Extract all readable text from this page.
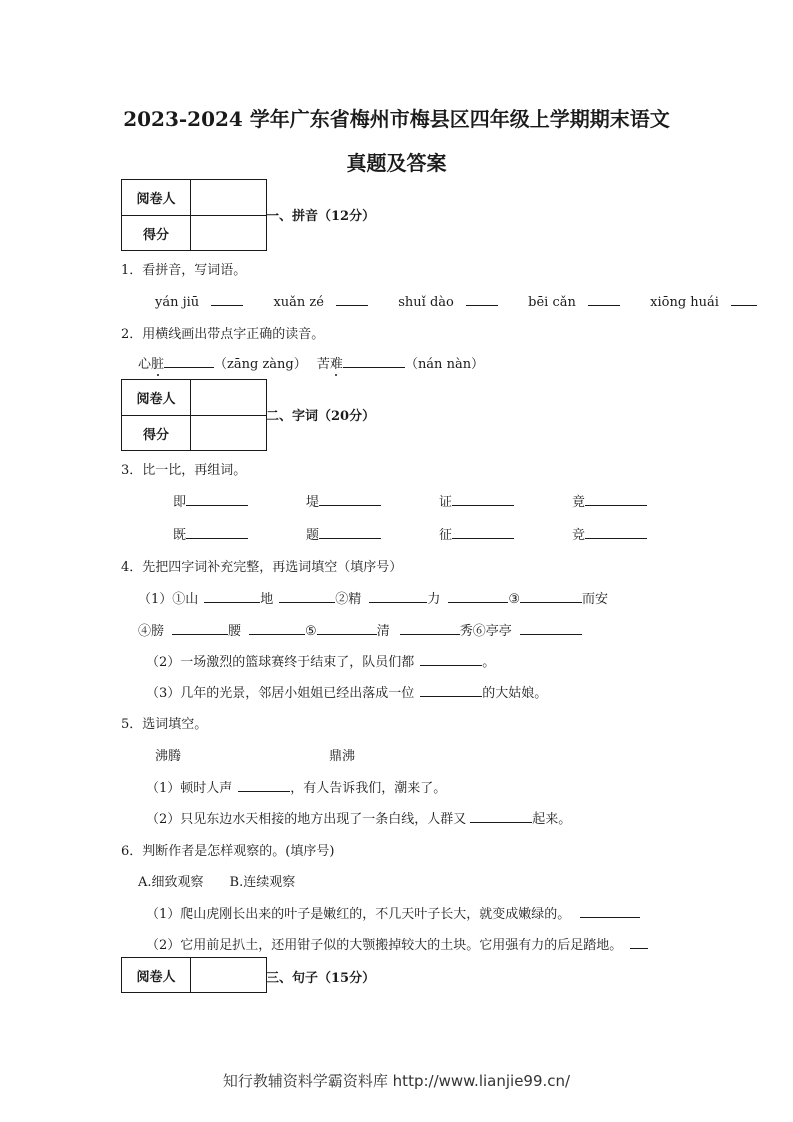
2023-2024 学年广东省梅州市梅县区四年级上学期期末语文
真题及答案
阅卷人	
得分	
一、拼音（12分）
1．看拼音，写词语。
yán jiū	xuǎn zé	shuǐ dào	bēi cǎn	xiōng huái
2．用横线画出带点字正确的读音。
心脏	（zāng zàng） 苦难	（nán nàn）
阅卷人	
得分	
二、字词（20分）
3．比一比，再组词。
即	堤	证	竟
既	题	征	竞
4．先把四字词补充完整，再选词填空（填序号）
（1）①山	地	②精	力	③	而安
④膀	腰	⑤	清	秀⑥亭亭
（2）一场激烈的篮球赛终于结束了，队员们都	。
（3）几年的光景，邻居小姐姐已经出落成一位	的大姑娘。
5．选词填空。
沸腾	鼎沸
（1）顿时人声	，有人告诉我们，潮来了。
（2）只见东边水天相接的地方出现了一条白线，人群又	起来。
6．判断作者是怎样观察的。(填序号)
A.细致观察　　B.连续观察
（1）爬山虎刚长出来的叶子是嫩红的，不几天叶子长大，就变成嫩绿的。
（2）它用前足扒土，还用钳子似的大颚搬掉较大的土块。它用强有力的后足踏地。
阅卷人		三、句子（15分）
知行教辅资料学霸资料库 http://www.lianjie99.cn/
